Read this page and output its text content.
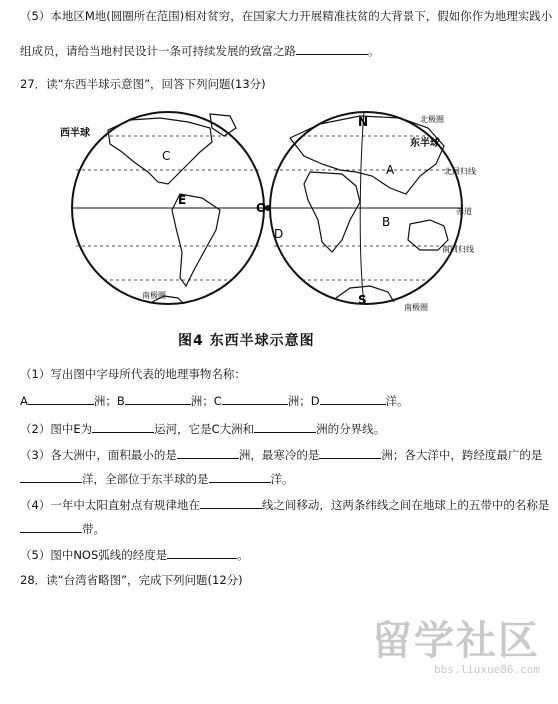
（5）本地区M地(圆圈所在范围)相对贫穷，在国家大力开展精准扶贫的大背景下，假如你作为地理实践小
组成员，请给当地村民设计一条可持续发展的致富之路	。
27．读“东西半球示意图”，回答下列问题(13分)
西半球
C
E
南极圈
O
N
S
A
B
D
东半球
北极圈
北回归线
赤道
南回归线
南极圈
图4 东西半球示意图
（1）写出图中字母所代表的地理事物名称：
A	洲；B	洲；C	洲；D	洋。
（2）图中E为	运河，它是C大洲和	洲的分界线。
（3）各大洲中，面积最小的是	洲，最寒冷的是	洲；各大洋中，跨经度最广的是
洋，全部位于东半球的是	洋。
（4）一年中太阳直射点有规律地在	线之间移动，这两条纬线之间在地球上的五带中的名称是
带。
（5）图中NOS弧线的经度是	。
28．读“台湾省略图”，完成下列问题(12分)
留学社区
bbs.liuxue86.com
